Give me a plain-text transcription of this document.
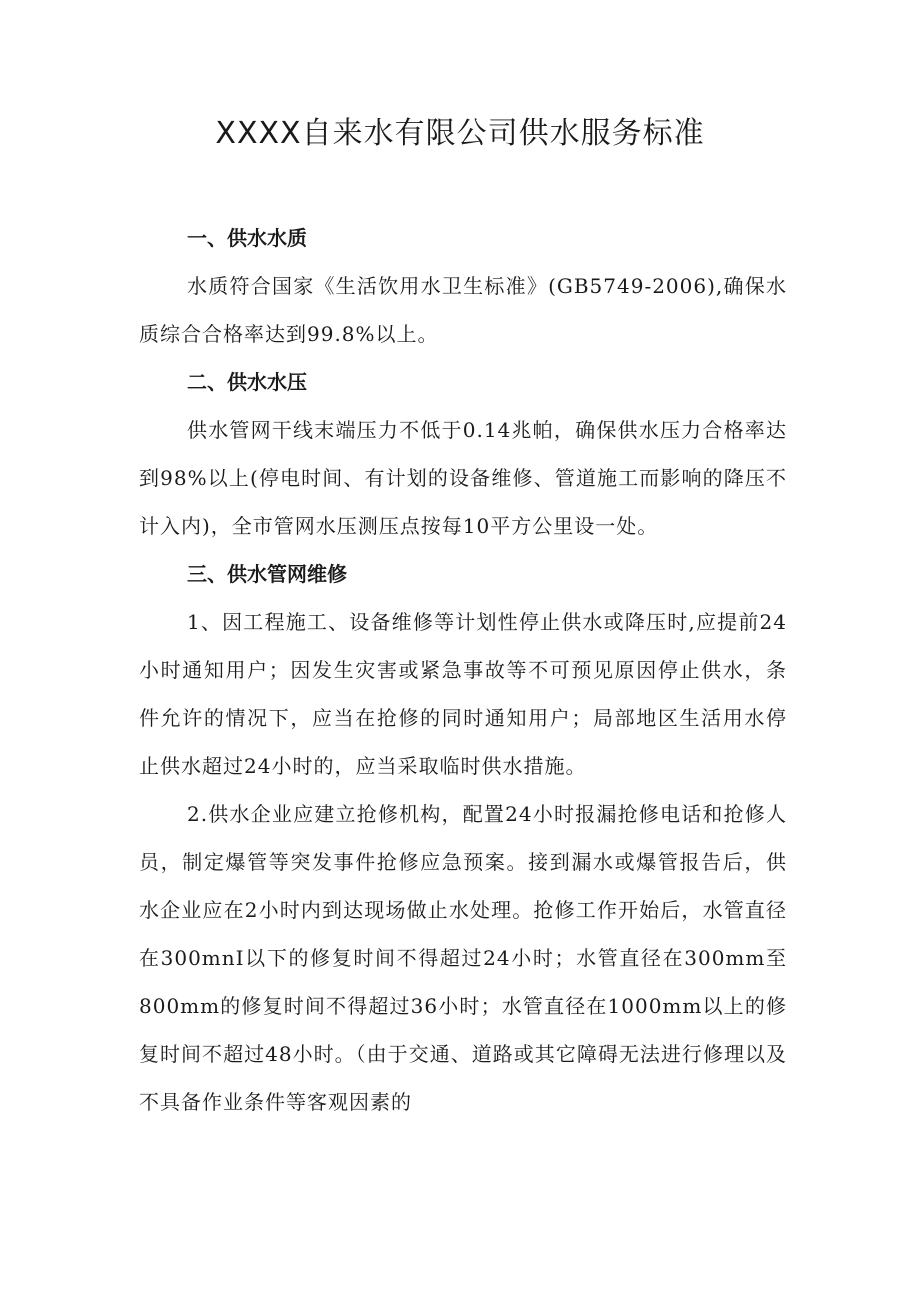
XXXX自来水有限公司供水服务标准
一、供水水质

水质符合国家《生活饮用水卫生标准》(GB5749-2006),确保水质综合合格率达到99.8%以上。

二、供水水压

供水管网干线末端压力不低于0.14兆帕，确保供水压力合格率达到98%以上(停电时间、有计划的设备维修、管道施工而影响的降压不计入内)，全市管网水压测压点按每10平方公里设一处。

三、供水管网维修

1、因工程施工、设备维修等计划性停止供水或降压时,应提前24小时通知用户；因发生灾害或紧急事故等不可预见原因停止供水，条件允许的情况下，应当在抢修的同时通知用户；局部地区生活用水停止供水超过24小时的，应当采取临时供水措施。

2.供水企业应建立抢修机构，配置24小时报漏抢修电话和抢修人员，制定爆管等突发事件抢修应急预案。接到漏水或爆管报告后，供水企业应在2小时内到达现场做止水处理。抢修工作开始后，水管直径在300mnI以下的修复时间不得超过24小时；水管直径在300mm至800mm的修复时间不得超过36小时；水管直径在1000mm以上的修复时间不超过48小时。（由于交通、道路或其它障碍无法进行修理以及不具备作业条件等客观因素的
